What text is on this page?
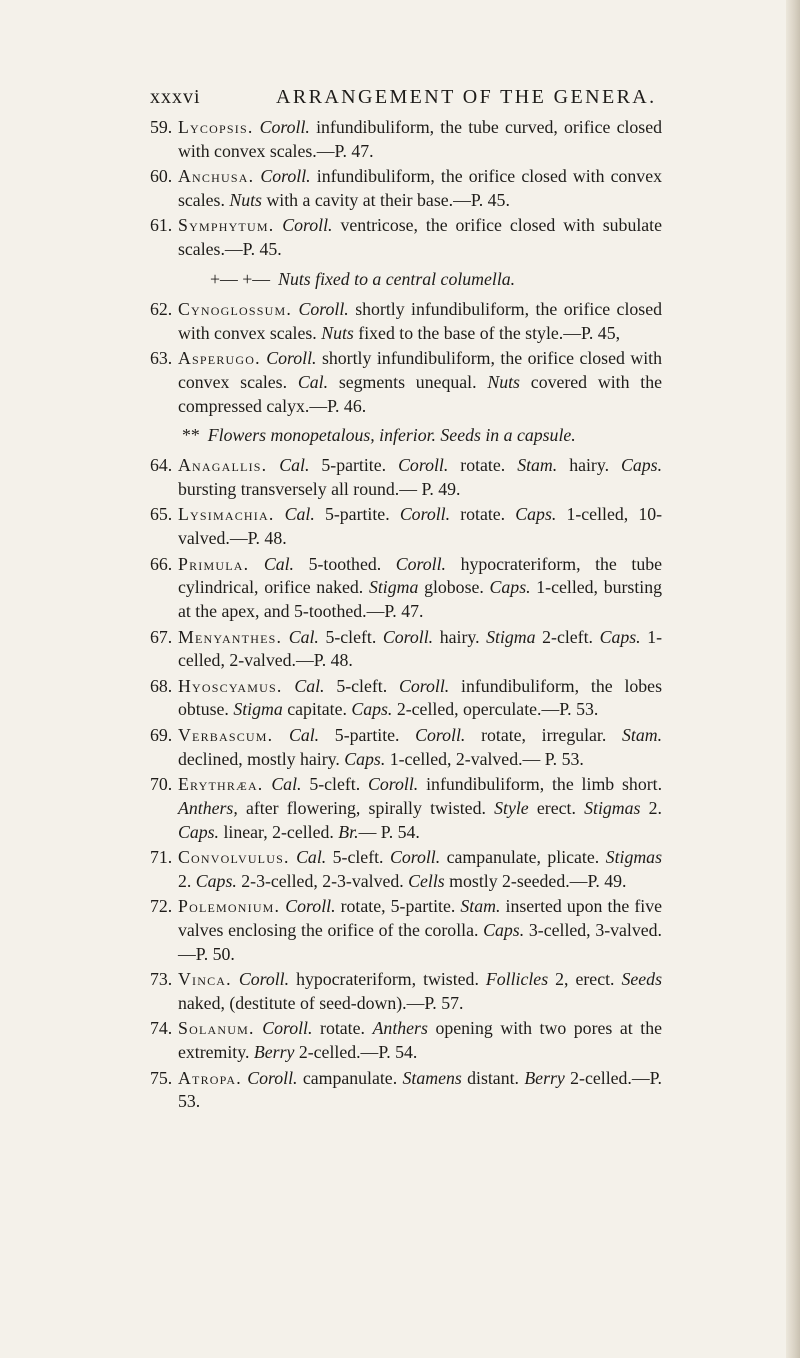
xxxvi	ARRANGEMENT OF THE GENERA.

59. Lycopsis. Coroll. infundibuliform, the tube curved, orifice closed with convex scales.—P. 47.

60. Anchusa. Coroll. infundibuliform, the orifice closed with convex scales. Nuts with a cavity at their base.—P. 45.

61. Symphytum. Coroll. ventricose, the orifice closed with subulate scales.—P. 45.

+— +— Nuts fixed to a central columella.

62. Cynoglossum. Coroll. shortly infundibuliform, the orifice closed with convex scales. Nuts fixed to the base of the style.—P. 45,

63. Asperugo. Coroll. shortly infundibuliform, the orifice closed with convex scales. Cal. segments unequal. Nuts covered with the compressed calyx.—P. 46.

** Flowers monopetalous, inferior. Seeds in a capsule.

64. Anagallis. Cal. 5-partite. Coroll. rotate. Stam. hairy. Caps. bursting transversely all round.— P. 49.

65. Lysimachia. Cal. 5-partite. Coroll. rotate. Caps. 1-celled, 10-valved.—P. 48.

66. Primula. Cal. 5-toothed. Coroll. hypocrateriform, the tube cylindrical, orifice naked. Stigma globose. Caps. 1-celled, bursting at the apex, and 5-toothed.—P. 47.

67. Menyanthes. Cal. 5-cleft. Coroll. hairy. Stigma 2-cleft. Caps. 1-celled, 2-valved.—P. 48.

68. Hyoscyamus. Cal. 5-cleft. Coroll. infundibuliform, the lobes obtuse. Stigma capitate. Caps. 2-celled, operculate.—P. 53.

69. Verbascum. Cal. 5-partite. Coroll. rotate, irregular. Stam. declined, mostly hairy. Caps. 1-celled, 2-valved.— P. 53.

70. Erythræa. Cal. 5-cleft. Coroll. infundibuliform, the limb short. Anthers, after flowering, spirally twisted. Style erect. Stigmas 2. Caps. linear, 2-celled. Br.— P. 54.

71. Convolvulus. Cal. 5-cleft. Coroll. campanulate, plicate. Stigmas 2. Caps. 2-3-celled, 2-3-valved. Cells mostly 2-seeded.—P. 49.

72. Polemonium. Coroll. rotate, 5-partite. Stam. inserted upon the five valves enclosing the orifice of the corolla. Caps. 3-celled, 3-valved.—P. 50.

73. Vinca. Coroll. hypocrateriform, twisted. Follicles 2, erect. Seeds naked, (destitute of seed-down).—P. 57.

74. Solanum. Coroll. rotate. Anthers opening with two pores at the extremity. Berry 2-celled.—P. 54.

75. Atropa. Coroll. campanulate. Stamens distant. Berry 2-celled.—P. 53.
